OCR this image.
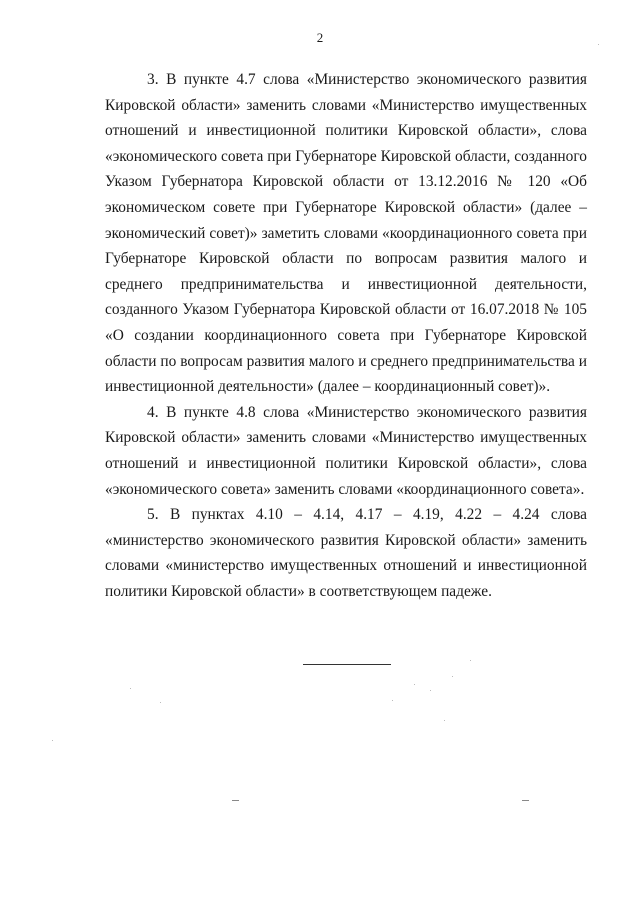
2

3. В пункте 4.7 слова «Министерство экономического развития Кировской области» заменить словами «Министерство имущественных отношений и инвестиционной политики Кировской области», слова «экономического совета при Губернаторе Кировской области, созданного Указом Губернатора Кировской области от 13.12.2016 № 120 «Об экономическом совете при Губернаторе Кировской области» (далее – экономический совет)» заметить словами «координационного совета при Губернаторе Кировской области по вопросам развития малого и среднего предпринимательства и инвестиционной деятельности, созданного Указом Губернатора Кировской области от 16.07.2018 № 105 «О создании координационного совета при Губернаторе Кировской области по вопросам развития малого и среднего предпринимательства и инвестиционной деятельности» (далее – координационный совет)».

4. В пункте 4.8 слова «Министерство экономического развития Кировской области» заменить словами «Министерство имущественных отношений и инвестиционной политики Кировской области», слова «экономического совета» заменить словами «координационного совета».

5. В пунктах 4.10 – 4.14, 4.17 – 4.19, 4.22 – 4.24 слова «министерство экономического развития Кировской области» заменить словами «министерство имущественных отношений и инвестиционной политики Кировской области» в соответствующем падеже.
